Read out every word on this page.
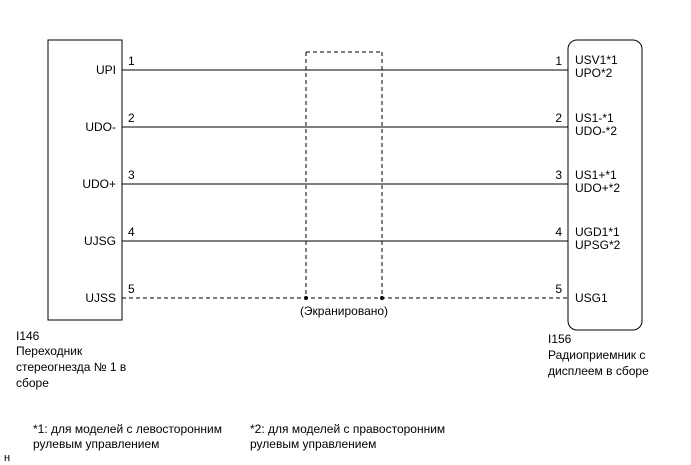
(Экранировано)
UPI
UDO-
UDO+
UJSG
UJSS
1
2
3
4
5
1
2
3
4
5
USV1*1
UPO*2
US1-*1
UDO-*2
US1+*1
UDO+*2
UGD1*1
UPSG*2
USG1
I146
Переходник
стереогнезда № 1 в
сборе
I156
Радиоприемник с
дисплеем в сборе
*1: для моделей с левосторонним
рулевым управлением
*2: для моделей с правосторонним
рулевым управлением
н
